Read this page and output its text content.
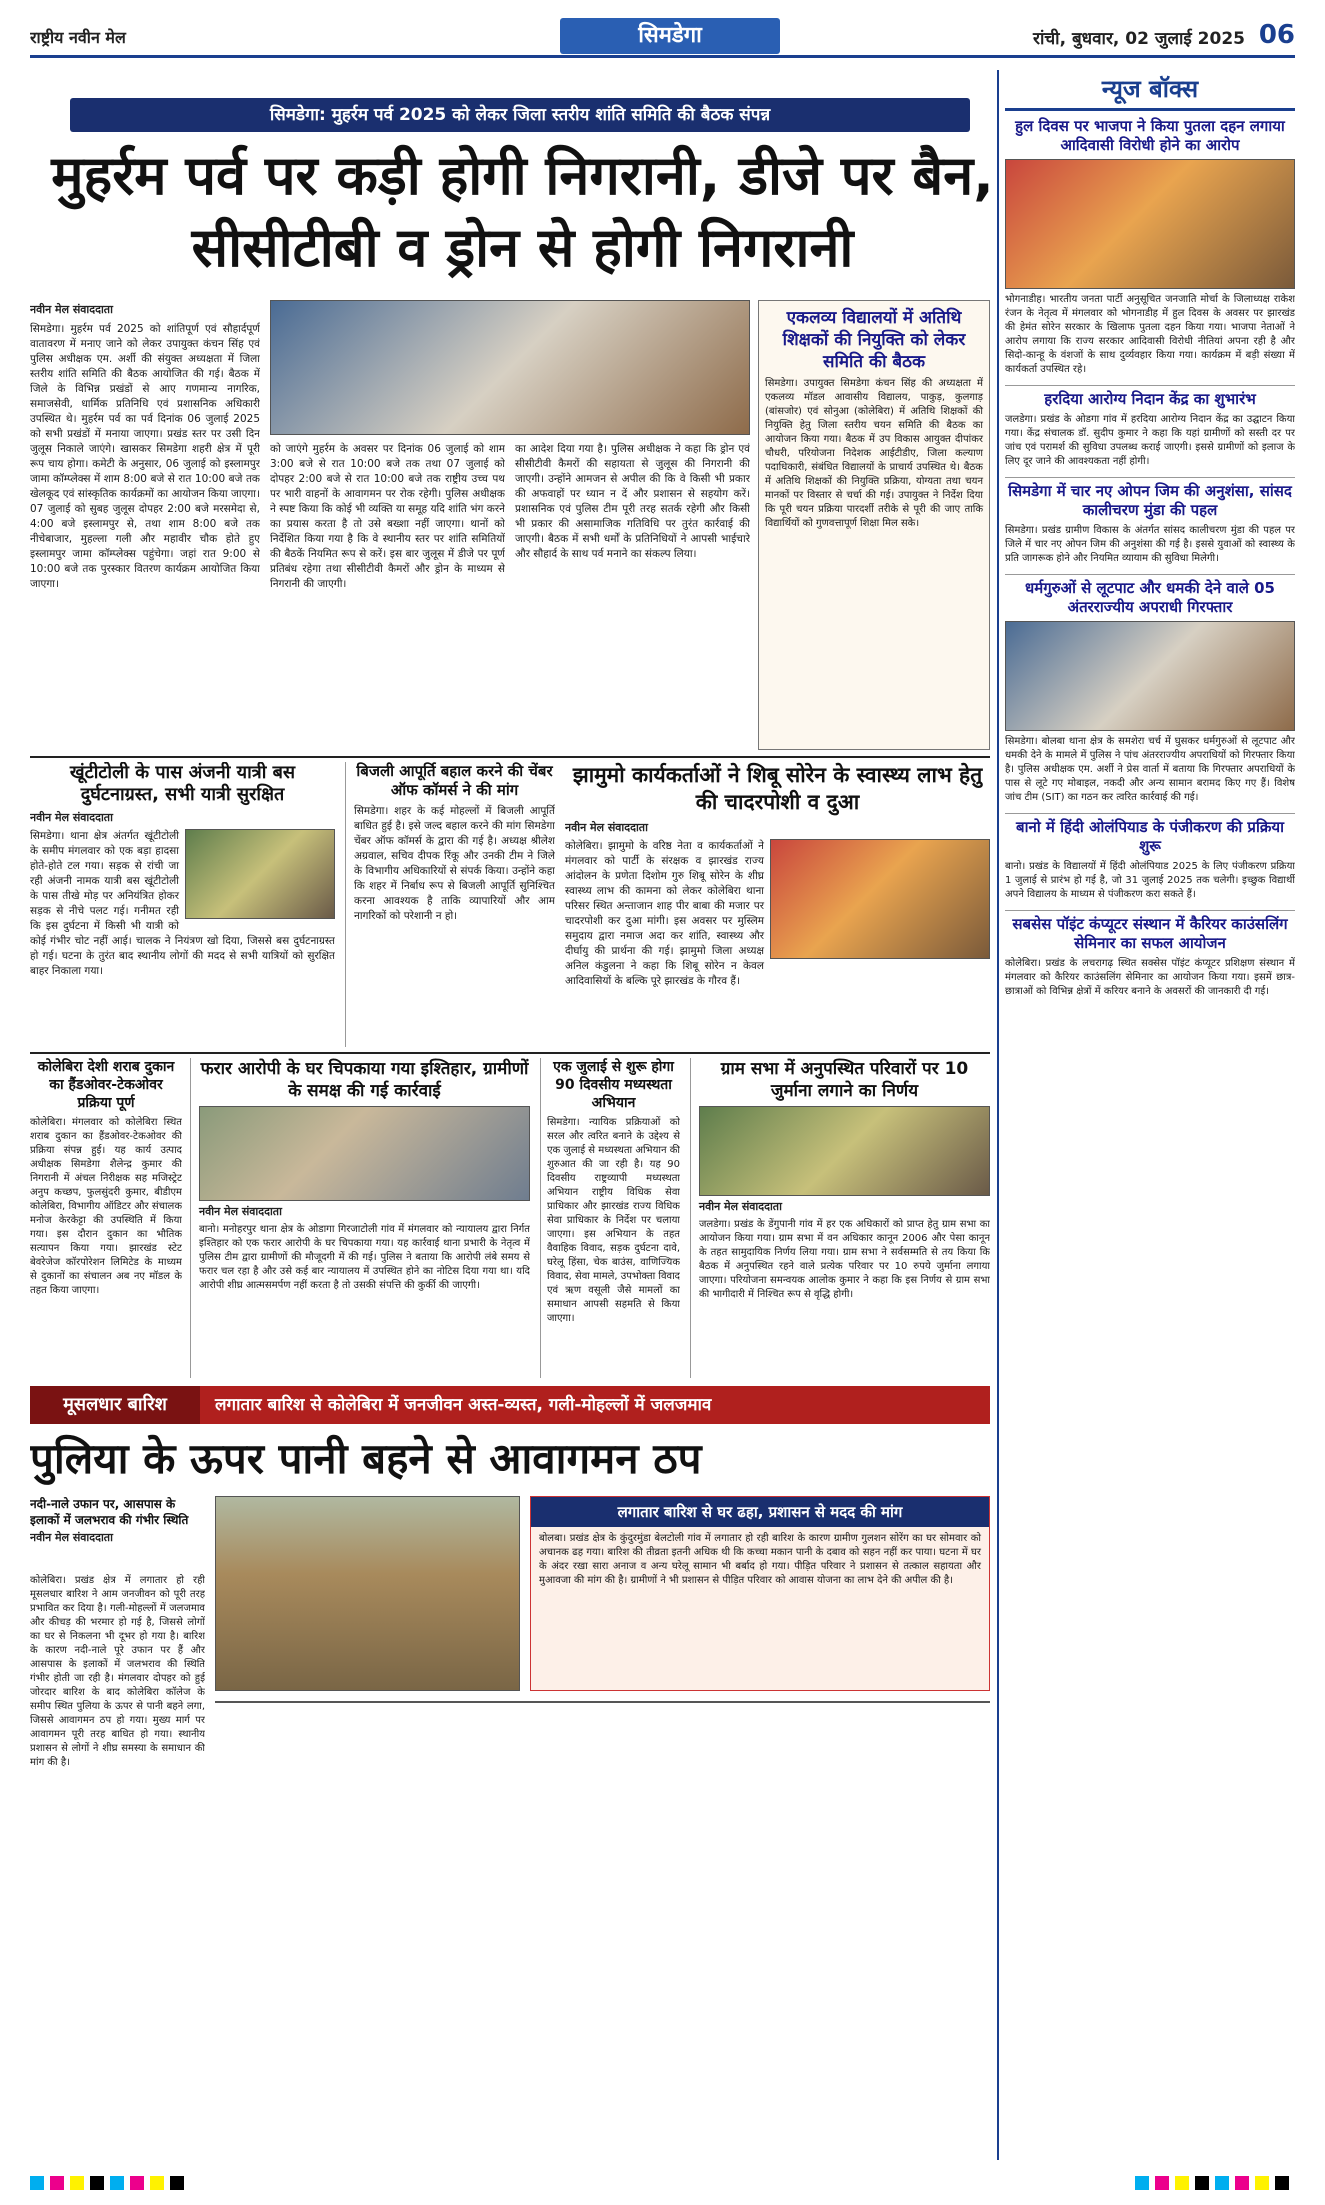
राष्ट्रीय नवीन मेल	सिमडेगा	रांची, बुधवार, 02 जुलाई 2025 06
सिमडेगा: मुहर्रम पर्व 2025 को लेकर जिला स्तरीय शांति समिति की बैठक संपन्न
मुहर्रम पर्व पर कड़ी होगी निगरानी, डीजे पर बैन, सीसीटीबी व ड्रोन से होगी निगरानी
नवीन मेल संवाददाता
सिमडेगा। मुहर्रम पर्व 2025 को शांतिपूर्ण एवं सौहार्दपूर्ण वातावरण में मनाए जाने को लेकर उपायुक्त कंचन सिंह एवं पुलिस अधीक्षक एम. अर्शी की संयुक्त अध्यक्षता में जिला स्तरीय शांति समिति की बैठक आयोजित की गई। बैठक में जिले के विभिन्न प्रखंडों से आए गणमान्य नागरिक, समाजसेवी, धार्मिक प्रतिनिधि एवं प्रशासनिक अधिकारी उपस्थित थे। मुहर्रम पर्व का पर्व दिनांक 06 जुलाई 2025 को सभी प्रखंडों में मनाया जाएगा। प्रखंड स्तर पर उसी दिन जुलूस निकाले जाएंगे। खासकर सिमडेगा शहरी क्षेत्र में पूरी रूप चाय होगा। कमेटी के अनुसार, 06 जुलाई को इस्लामपुर जामा कॉम्प्लेक्स में शाम 8:00 बजे से रात 10:00 बजे तक खेलकूद एवं सांस्कृतिक कार्यक्रमों का आयोजन किया जाएगा। 07 जुलाई को सुबह जुलूस दोपहर 2:00 बजे मरसमेदा से, 4:00 बजे इस्लामपुर से, तथा शाम 8:00 बजे तक नीचेबाजार, मुहल्ला गली और महावीर चौक होते हुए इस्लामपुर जामा कॉम्प्लेक्स पहुंचेगा। जहां रात 9:00 से 10:00 बजे तक पुरस्कार वितरण कार्यक्रम आयोजित किया जाएगा।
को जाएंगे मुहर्रम के अवसर पर दिनांक 06 जुलाई को शाम 3:00 बजे से रात 10:00 बजे तक तथा 07 जुलाई को दोपहर 2:00 बजे से रात 10:00 बजे तक राष्ट्रीय उच्च पथ पर भारी वाहनों के आवागमन पर रोक रहेगी। पुलिस अधीक्षक ने स्पष्ट किया कि कोई भी व्यक्ति या समूह यदि शांति भंग करने का प्रयास करता है तो उसे बख्शा नहीं जाएगा। थानों को निर्देशित किया गया है कि वे स्थानीय स्तर पर शांति समितियों की बैठकें नियमित रूप से करें। इस बार जुलूस में डीजे पर पूर्ण प्रतिबंध रहेगा तथा सीसीटीवी कैमरों और ड्रोन के माध्यम से निगरानी की जाएगी।
का आदेश दिया गया है। पुलिस अधीक्षक ने कहा कि ड्रोन एवं सीसीटीवी कैमरों की सहायता से जुलूस की निगरानी की जाएगी। उन्होंने आमजन से अपील की कि वे किसी भी प्रकार की अफवाहों पर ध्यान न दें और प्रशासन से सहयोग करें। प्रशासनिक एवं पुलिस टीम पूरी तरह सतर्क रहेगी और किसी भी प्रकार की असामाजिक गतिविधि पर तुरंत कार्रवाई की जाएगी। बैठक में सभी धर्मों के प्रतिनिधियों ने आपसी भाईचारे और सौहार्द के साथ पर्व मनाने का संकल्प लिया।
एकलव्य विद्यालयों में अतिथि शिक्षकों की नियुक्ति को लेकर समिति की बैठक
सिमडेगा। उपायुक्त सिमडेगा कंचन सिंह की अध्यक्षता में एकलव्य मॉडल आवासीय विद्यालय, पाकुड़, कुलगाड़ (बांसजोर) एवं सोनुआ (कोलेबिरा) में अतिथि शिक्षकों की नियुक्ति हेतु जिला स्तरीय चयन समिति की बैठक का आयोजन किया गया। बैठक में उप विकास आयुक्त दीपांकर चौधरी, परियोजना निदेशक आईटीडीए, जिला कल्याण पदाधिकारी, संबंधित विद्यालयों के प्राचार्य उपस्थित थे। बैठक में अतिथि शिक्षकों की नियुक्ति प्रक्रिया, योग्यता तथा चयन मानकों पर विस्तार से चर्चा की गई। उपायुक्त ने निर्देश दिया कि पूरी चयन प्रक्रिया पारदर्शी तरीके से पूरी की जाए ताकि विद्यार्थियों को गुणवत्तापूर्ण शिक्षा मिल सके।
खूंटीटोली के पास अंजनी यात्री बस दुर्घटनाग्रस्त, सभी यात्री सुरक्षित
नवीन मेल संवाददाता
सिमडेगा। थाना क्षेत्र अंतर्गत खूंटीटोली के समीप मंगलवार को एक बड़ा हादसा होते-होते टल गया। सड़क से रांची जा रही अंजनी नामक यात्री बस खूंटीटोली के पास तीखे मोड़ पर अनियंत्रित होकर सड़क से नीचे पलट गई। गनीमत रही कि इस दुर्घटना में किसी भी यात्री को कोई गंभीर चोट नहीं आई। चालक ने नियंत्रण खो दिया, जिससे बस दुर्घटनाग्रस्त हो गई। घटना के तुरंत बाद स्थानीय लोगों की मदद से सभी यात्रियों को सुरक्षित बाहर निकाला गया।
बिजली आपूर्ति बहाल करने की चेंबर ऑफ कॉमर्स ने की मांग
सिमडेगा। शहर के कई मोहल्लों में बिजली आपूर्ति बाधित हुई है। इसे जल्द बहाल करने की मांग सिमडेगा चेंबर ऑफ कॉमर्स के द्वारा की गई है। अध्यक्ष श्रीलेश अग्रवाल, सचिव दीपक रिंकू और उनकी टीम ने जिले के विभागीय अधिकारियों से संपर्क किया। उन्होंने कहा कि शहर में निर्बाध रूप से बिजली आपूर्ति सुनिश्चित करना आवश्यक है ताकि व्यापारियों और आम नागरिकों को परेशानी न हो।
झामुमो कार्यकर्ताओं ने शिबू सोरेन के स्वास्थ्य लाभ हेतु की चादरपोशी व दुआ
नवीन मेल संवाददाता
कोलेबिरा। झामुमो के वरिष्ठ नेता व कार्यकर्ताओं ने मंगलवार को पार्टी के संरक्षक व झारखंड राज्य आंदोलन के प्रणेता दिशोम गुरु शिबू सोरेन के शीघ्र स्वास्थ्य लाभ की कामना को लेकर कोलेबिरा थाना परिसर स्थित अन्ताजान शाह पीर बाबा की मजार पर चादरपोशी कर दुआ मांगी। इस अवसर पर मुस्लिम समुदाय द्वारा नमाज अदा कर शांति, स्वास्थ्य और दीर्घायु की प्रार्थना की गई। झामुमो जिला अध्यक्ष अनिल कंडुलना ने कहा कि शिबू सोरेन न केवल आदिवासियों के बल्कि पूरे झारखंड के गौरव हैं।
कोलेबिरा देशी शराब दुकान का हैंडओवर-टेकओवर प्रक्रिया पूर्ण
कोलेबिरा। मंगलवार को कोलेबिरा स्थित शराब दुकान का हैंडओवर-टेकओवर की प्रक्रिया संपन्न हुई। यह कार्य उत्पाद अधीक्षक सिमडेगा शैलेन्द्र कुमार की निगरानी में अंचल निरीक्षक सह मजिस्ट्रेट अनुप कच्छप, फुलसुंदरी कुमार, बीडीएम कोलेबिरा, विभागीय ऑडिटर और संचालक मनोज केरकेट्टा की उपस्थिति में किया गया। इस दौरान दुकान का भौतिक सत्यापन किया गया। झारखंड स्टेट बेवरेजेज कॉरपोरेशन लिमिटेड के माध्यम से दुकानों का संचालन अब नए मॉडल के तहत किया जाएगा।
फरार आरोपी के घर चिपकाया गया इश्तिहार, ग्रामीणों के समक्ष की गई कार्रवाई
नवीन मेल संवाददाता
बानो। मनोहरपुर थाना क्षेत्र के ओडागा गिरजाटोली गांव में मंगलवार को न्यायालय द्वारा निर्गत इश्तिहार को एक फरार आरोपी के घर चिपकाया गया। यह कार्रवाई थाना प्रभारी के नेतृत्व में पुलिस टीम द्वारा ग्रामीणों की मौजूदगी में की गई। पुलिस ने बताया कि आरोपी लंबे समय से फरार चल रहा है और उसे कई बार न्यायालय में उपस्थित होने का नोटिस दिया गया था। यदि आरोपी शीघ्र आत्मसमर्पण नहीं करता है तो उसकी संपत्ति की कुर्की की जाएगी।
एक जुलाई से शुरू होगा 90 दिवसीय मध्यस्थता अभियान
सिमडेगा। न्यायिक प्रक्रियाओं को सरल और त्वरित बनाने के उद्देश्य से एक जुलाई से मध्यस्थता अभियान की शुरुआत की जा रही है। यह 90 दिवसीय राष्ट्रव्यापी मध्यस्थता अभियान राष्ट्रीय विधिक सेवा प्राधिकार और झारखंड राज्य विधिक सेवा प्राधिकार के निर्देश पर चलाया जाएगा। इस अभियान के तहत वैवाहिक विवाद, सड़क दुर्घटना दावे, घरेलू हिंसा, चेक बाउंस, वाणिज्यिक विवाद, सेवा मामले, उपभोक्ता विवाद एवं ऋण वसूली जैसे मामलों का समाधान आपसी सहमति से किया जाएगा।
ग्राम सभा में अनुपस्थित परिवारों पर 10 जुर्माना लगाने का निर्णय
नवीन मेल संवाददाता
जलडेगा। प्रखंड के डेंगुपानी गांव में हर एक अधिकारों को प्राप्त हेतु ग्राम सभा का आयोजन किया गया। ग्राम सभा में वन अधिकार कानून 2006 और पेसा कानून के तहत सामुदायिक निर्णय लिया गया। ग्राम सभा ने सर्वसम्मति से तय किया कि बैठक में अनुपस्थित रहने वाले प्रत्येक परिवार पर 10 रुपये जुर्माना लगाया जाएगा। परियोजना समन्वयक आलोक कुमार ने कहा कि इस निर्णय से ग्राम सभा की भागीदारी में निश्चित रूप से वृद्धि होगी।
मूसलधार बारिश	लगातार बारिश से कोलेबिरा में जनजीवन अस्त-व्यस्त, गली-मोहल्लों में जलजमाव
पुलिया के ऊपर पानी बहने से आवागमन ठप
नदी-नाले उफान पर, आसपास के इलाकों में जलभराव की गंभीर स्थिति
नवीन मेल संवाददाता
लगातार बारिश से घर ढहा, प्रशासन से मदद की मांग
बोलबा। प्रखंड क्षेत्र के कुंदुरमुंडा बेलटोली गांव में लगातार हो रही बारिश के कारण ग्रामीण गुलशन सोरेंग का घर सोमवार को अचानक ढह गया। बारिश की तीव्रता इतनी अधिक थी कि कच्चा मकान पानी के दबाव को सहन नहीं कर पाया। घटना में घर के अंदर रखा सारा अनाज व अन्य घरेलू सामान भी बर्बाद हो गया। पीड़ित परिवार ने प्रशासन से तत्काल सहायता और मुआवजा की मांग की है। ग्रामीणों ने भी प्रशासन से पीड़ित परिवार को आवास योजना का लाभ देने की अपील की है।
कोलेबिरा। प्रखंड क्षेत्र में लगातार हो रही मूसलधार बारिश ने आम जनजीवन को पूरी तरह प्रभावित कर दिया है। गली-मोहल्लों में जलजमाव और कीचड़ की भरमार हो गई है, जिससे लोगों का घर से निकलना भी दूभर हो गया है। बारिश के कारण नदी-नाले पूरे उफान पर हैं और आसपास के इलाकों में जलभराव की स्थिति गंभीर होती जा रही है। मंगलवार दोपहर को हुई जोरदार बारिश के बाद कोलेबिरा कॉलेज के समीप स्थित पुलिया के ऊपर से पानी बहने लगा, जिससे आवागमन ठप हो गया। मुख्य मार्ग पर आवागमन पूरी तरह बाधित हो गया। स्थानीय प्रशासन से लोगों ने शीघ्र समस्या के समाधान की मांग की है।
न्यूज बॉक्स
हुल दिवस पर भाजपा ने किया पुतला दहन लगाया आदिवासी विरोधी होने का आरोप
भोगनाडीह। भारतीय जनता पार्टी अनुसूचित जनजाति मोर्चा के जिलाध्यक्ष राकेश रंजन के नेतृत्व में मंगलवार को भोगनाडीह में हुल दिवस के अवसर पर झारखंड की हेमंत सोरेन सरकार के खिलाफ पुतला दहन किया गया। भाजपा नेताओं ने आरोप लगाया कि राज्य सरकार आदिवासी विरोधी नीतियां अपना रही है और सिदो-कान्हू के वंशजों के साथ दुर्व्यवहार किया गया। कार्यक्रम में बड़ी संख्या में कार्यकर्ता उपस्थित रहे।
हरदिया आरोग्य निदान केंद्र का शुभारंभ
जलडेगा। प्रखंड के ओडगा गांव में हरदिया आरोग्य निदान केंद्र का उद्घाटन किया गया। केंद्र संचालक डॉ. सुदीप कुमार ने कहा कि यहां ग्रामीणों को सस्ती दर पर जांच एवं परामर्श की सुविधा उपलब्ध कराई जाएगी। इससे ग्रामीणों को इलाज के लिए दूर जाने की आवश्यकता नहीं होगी।
सिमडेगा में चार नए ओपन जिम की अनुशंसा, सांसद कालीचरण मुंडा की पहल
सिमडेगा। प्रखंड ग्रामीण विकास के अंतर्गत सांसद कालीचरण मुंडा की पहल पर जिले में चार नए ओपन जिम की अनुशंसा की गई है। इससे युवाओं को स्वास्थ्य के प्रति जागरूक होने और नियमित व्यायाम की सुविधा मिलेगी।
धर्मगुरुओं से लूटपाट और धमकी देने वाले 05 अंतरराज्यीय अपराधी गिरफ्तार
सिमडेगा। बोलबा थाना क्षेत्र के समशेरा चर्च में घुसकर धर्मगुरुओं से लूटपाट और धमकी देने के मामले में पुलिस ने पांच अंतरराज्यीय अपराधियों को गिरफ्तार किया है। पुलिस अधीक्षक एम. अर्शी ने प्रेस वार्ता में बताया कि गिरफ्तार अपराधियों के पास से लूटे गए मोबाइल, नकदी और अन्य सामान बरामद किए गए हैं। विशेष जांच टीम (SIT) का गठन कर त्वरित कार्रवाई की गई।
बानो में हिंदी ओलंपियाड के पंजीकरण की प्रक्रिया शुरू
बानो। प्रखंड के विद्यालयों में हिंदी ओलंपियाड 2025 के लिए पंजीकरण प्रक्रिया 1 जुलाई से प्रारंभ हो गई है, जो 31 जुलाई 2025 तक चलेगी। इच्छुक विद्यार्थी अपने विद्यालय के माध्यम से पंजीकरण करा सकते हैं।
सबसेस पॉइंट कंप्यूटर संस्थान में कैरियर काउंसलिंग सेमिनार का सफल आयोजन
कोलेबिरा। प्रखंड के लचरागढ़ स्थित सक्सेस पॉइंट कंप्यूटर प्रशिक्षण संस्थान में मंगलवार को कैरियर काउंसलिंग सेमिनार का आयोजन किया गया। इसमें छात्र-छात्राओं को विभिन्न क्षेत्रों में करियर बनाने के अवसरों की जानकारी दी गई।
